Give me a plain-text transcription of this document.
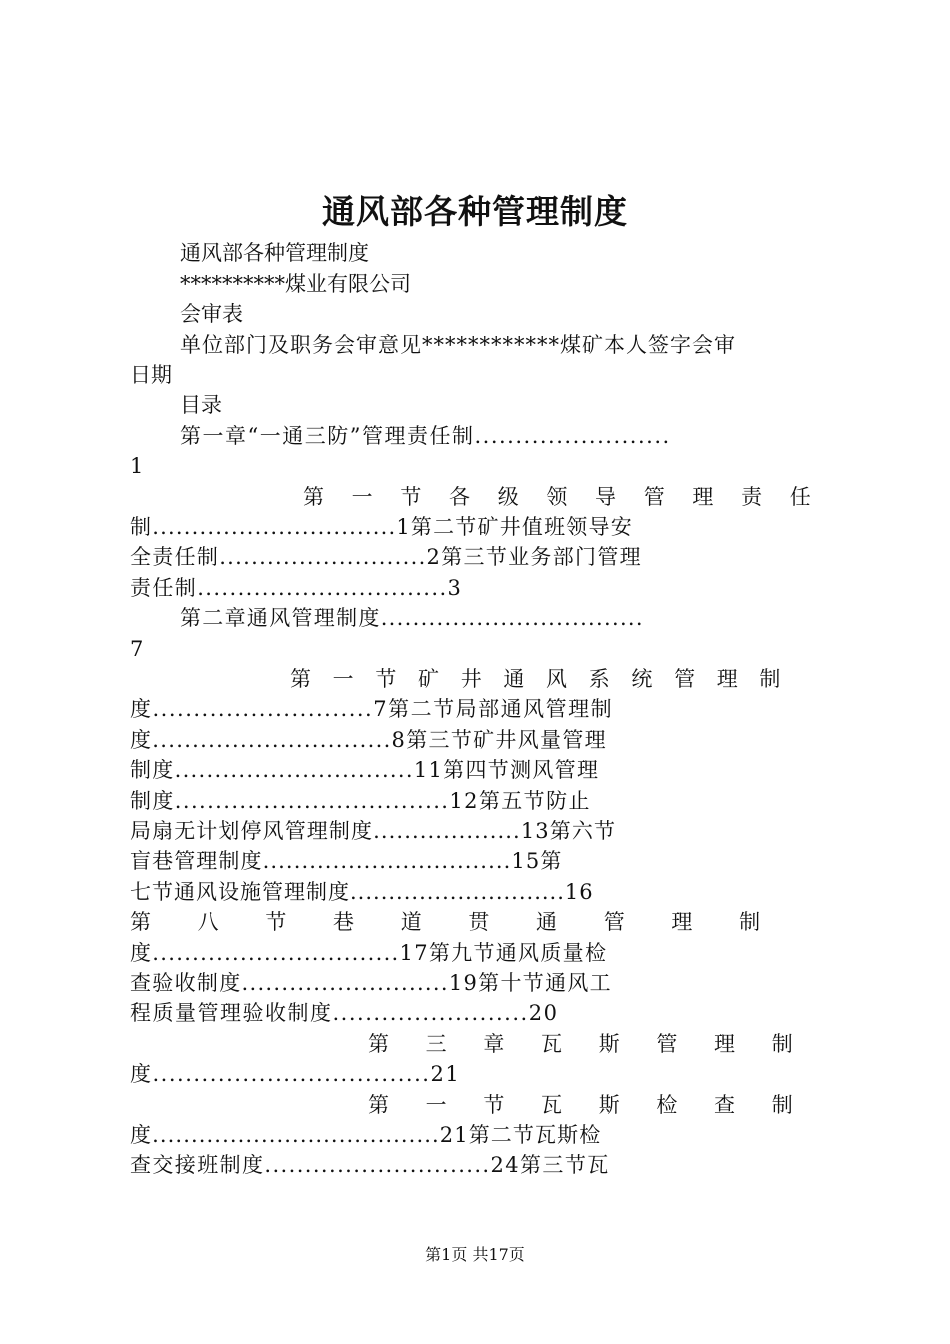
通风部各种管理制度
通风部各种管理制度
**********煤业有限公司
会审表
单位部门及职务会审意见************煤矿本人签字会审
日期
目录
第一章“一通三防”管理责任制........................
1
第 一 节 各 级 领 导 管 理 责 任
制...............................1第二节矿井值班领导安
全责任制..........................2第三节业务部门管理
责任制...............................3
第二章通风管理制度.................................
7
第 一 节 矿 井 通 风 系 统 管 理 制
度...........................7第二节局部通风管理制
度..............................8第三节矿井风量管理
制度..............................11第四节测风管理
制度..................................12第五节防止
局扇无计划停风管理制度...................13第六节
盲巷管理制度................................15第
七节通风设施管理制度............................16
第 八 节 巷 道 贯 通 管 理 制
度...............................17第九节通风质量检
查验收制度..........................19第十节通风工
程质量管理验收制度........................20
第 三 章 瓦 斯 管 理 制
度..................................21
第 一 节 瓦 斯 检 查 制
度.....................................21第二节瓦斯检
查交接班制度............................24第三节瓦
第1页 共17页
